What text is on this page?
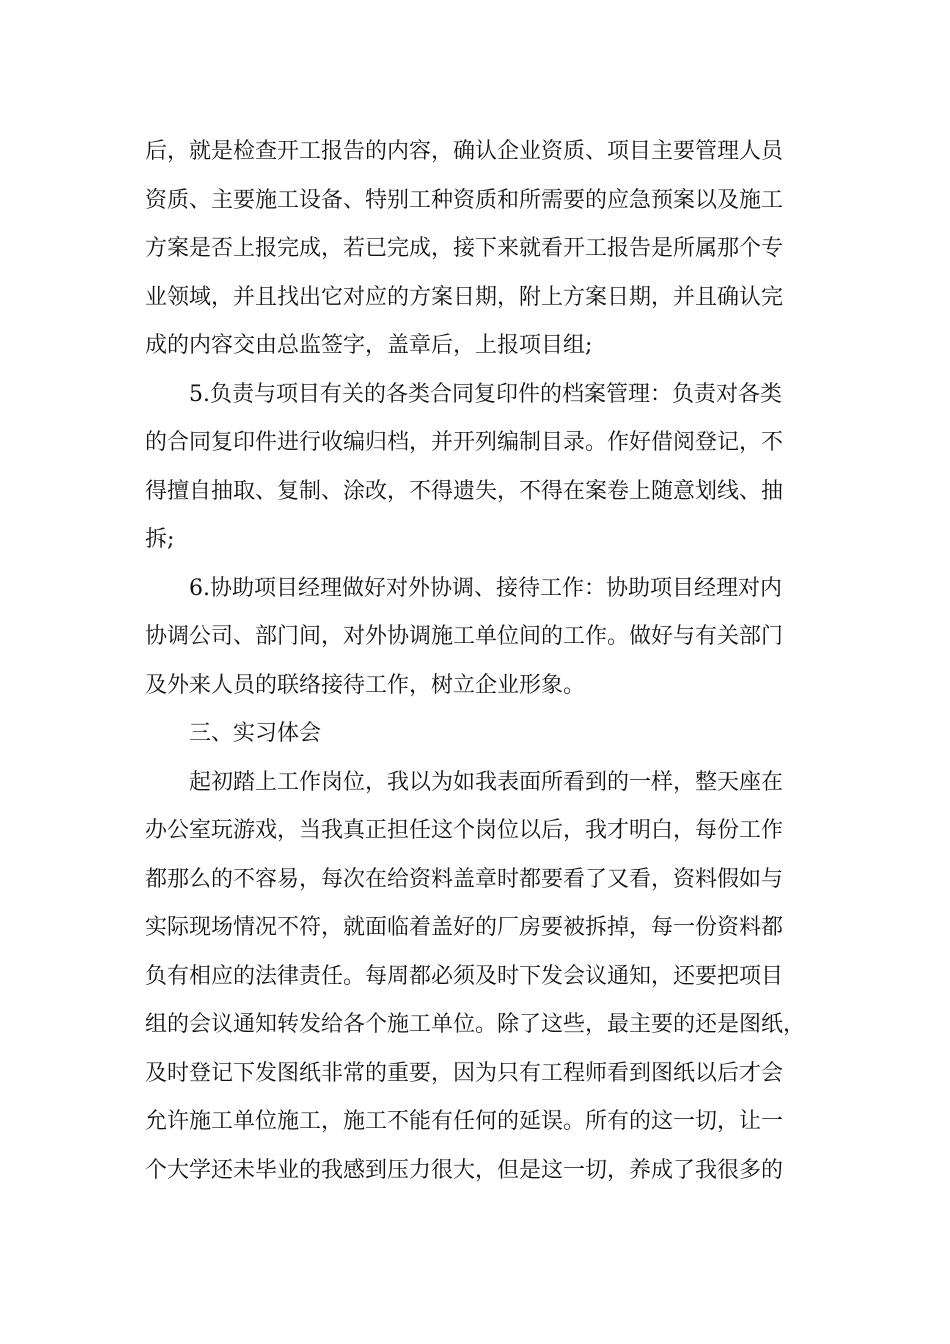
后，就是检查开工报告的内容，确认企业资质、项目主要管理人员
资质、主要施工设备、特别工种资质和所需要的应急预案以及施工
方案是否上报完成，若已完成，接下来就看开工报告是所属那个专
业领域，并且找出它对应的方案日期，附上方案日期，并且确认完
成的内容交由总监签字，盖章后，上报项目组;
5.负责与项目有关的各类合同复印件的档案管理：负责对各类
的合同复印件进行收编归档，并开列编制目录。作好借阅登记，不
得擅自抽取、复制、涂改，不得遗失，不得在案卷上随意划线、抽
拆;
6.协助项目经理做好对外协调、接待工作：协助项目经理对内
协调公司、部门间，对外协调施工单位间的工作。做好与有关部门
及外来人员的联络接待工作，树立企业形象。
三、实习体会
起初踏上工作岗位，我以为如我表面所看到的一样，整天座在
办公室玩游戏，当我真正担任这个岗位以后，我才明白，每份工作
都那么的不容易，每次在给资料盖章时都要看了又看，资料假如与
实际现场情况不符，就面临着盖好的厂房要被拆掉，每一份资料都
负有相应的法律责任。每周都必须及时下发会议通知，还要把项目
组的会议通知转发给各个施工单位。除了这些，最主要的还是图纸，
及时登记下发图纸非常的重要，因为只有工程师看到图纸以后才会
允许施工单位施工，施工不能有任何的延误。所有的这一切，让一
个大学还未毕业的我感到压力很大，但是这一切，养成了我很多的
